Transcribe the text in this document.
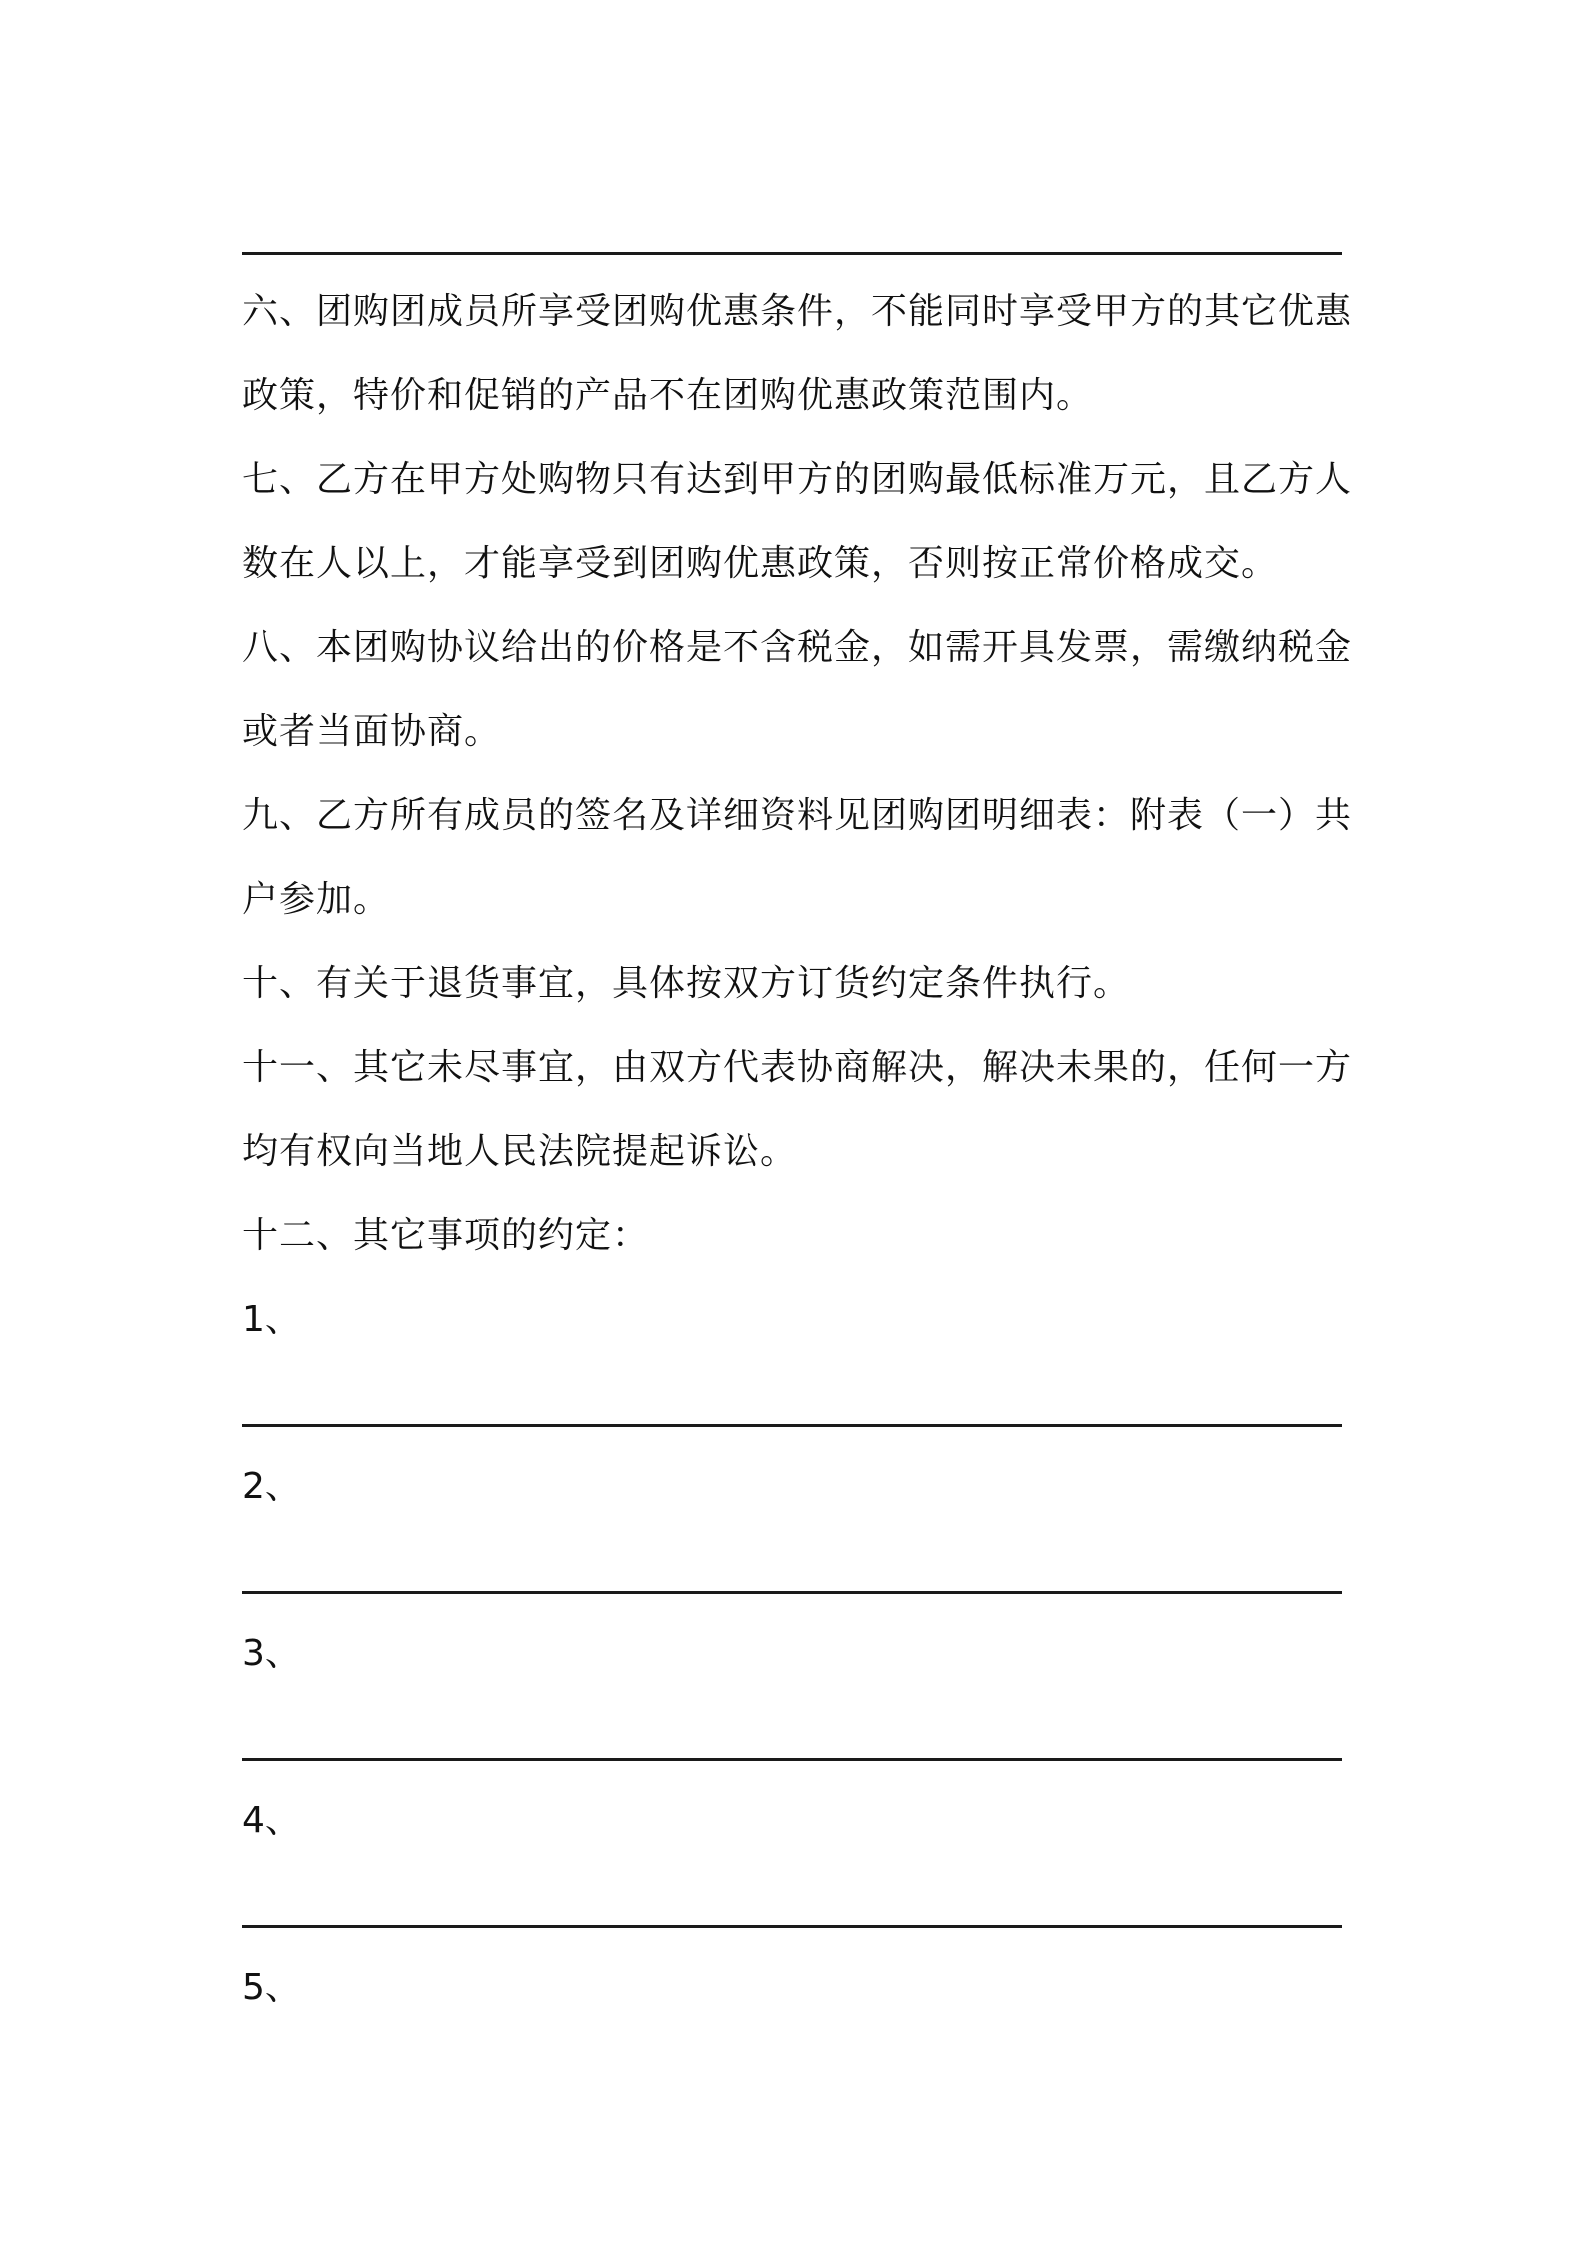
六、团购团成员所享受团购优惠条件，不能同时享受甲方的其它优惠政策，特价和促销的产品不在团购优惠政策范围内。
七、乙方在甲方处购物只有达到甲方的团购最低标准万元，且乙方人数在人以上，才能享受到团购优惠政策，否则按正常价格成交。
八、本团购协议给出的价格是不含税金，如需开具发票，需缴纳税金或者当面协商。
九、乙方所有成员的签名及详细资料见团购团明细表：附表（一）共户参加。
十、有关于退货事宜，具体按双方订货约定条件执行。
十一、其它未尽事宜，由双方代表协商解决，解决未果的，任何一方均有权向当地人民法院提起诉讼。
十二、其它事项的约定：
1、
2、
3、
4、
5、
